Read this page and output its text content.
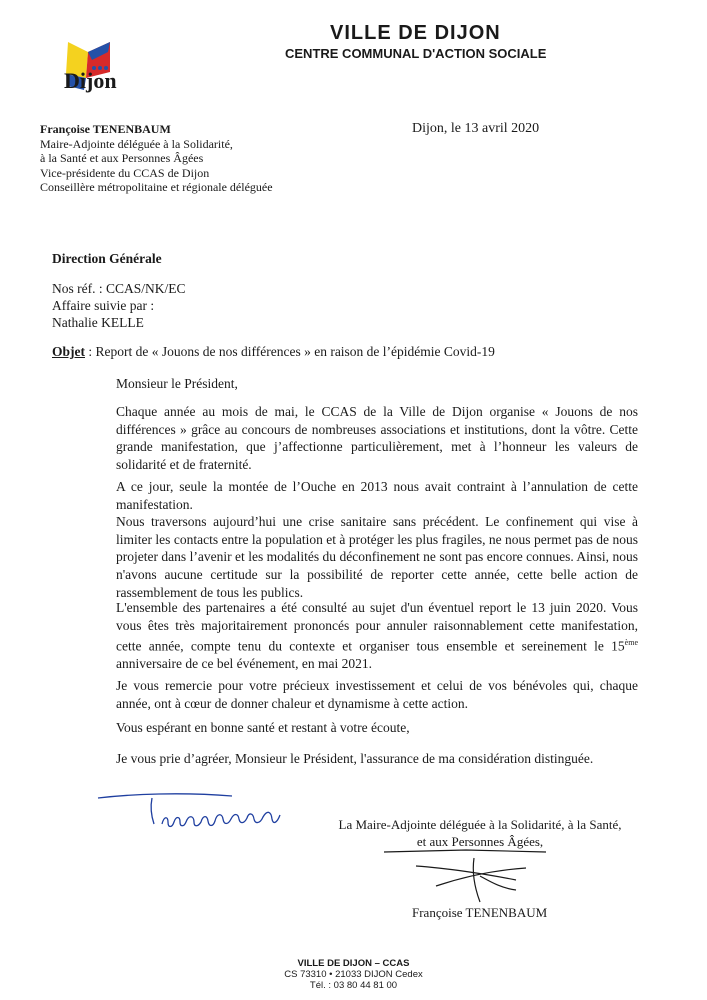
Dijon
VILLE DE DIJON
CENTRE COMMUNAL D'ACTION SOCIALE
Françoise TENENBAUM
Maire-Adjointe déléguée à la Solidarité,
à la Santé et aux Personnes Âgées
Vice-présidente du CCAS de Dijon
Conseillère métropolitaine et régionale déléguée
Dijon, le 13 avril 2020
Direction Générale
Nos réf. : CCAS/NK/EC
Affaire suivie par :
Nathalie KELLE
Objet : Report de « Jouons de nos différences » en raison de l’épidémie Covid-19
Monsieur le Président,
Chaque année au mois de mai, le CCAS de la Ville de Dijon organise « Jouons de nos différences » grâce au concours de nombreuses associations et institutions, dont la vôtre. Cette grande manifestation, que j’affectionne particulièrement, met à l’honneur les valeurs de solidarité et de fraternité.
A ce jour, seule la montée de l’Ouche en 2013 nous avait contraint à l’annulation de cette manifestation.
Nous traversons aujourd’hui une crise sanitaire sans précédent. Le confinement qui vise à limiter les contacts entre la population et à protéger les plus fragiles, ne nous permet pas de nous projeter dans l’avenir et les modalités du déconfinement ne sont pas encore connues. Ainsi, nous n'avons aucune certitude sur la possibilité de reporter cette année, cette belle action de rassemblement de tous les publics.
L'ensemble des partenaires a été consulté au sujet d'un éventuel report le 13 juin 2020. Vous vous êtes très majoritairement prononcés pour annuler raisonnablement cette manifestation, cette année, compte tenu du contexte et organiser tous ensemble et sereinement le 15ème anniversaire de ce bel événement, en mai 2021.
Je vous remercie pour votre précieux investissement et celui de vos bénévoles qui, chaque année, ont à cœur de donner chaleur et dynamisme à cette action.
Vous espérant en bonne santé et restant à votre écoute,
Je vous prie d’agréer, Monsieur le Président, l'assurance de ma considération distinguée.
La Maire-Adjointe déléguée à la Solidarité, à la Santé,
et aux Personnes Âgées,
Françoise TENENBAUM
VILLE DE DIJON – CCAS
CS 73310 • 21033 DIJON Cedex
Tél. : 03 80 44 81 00
